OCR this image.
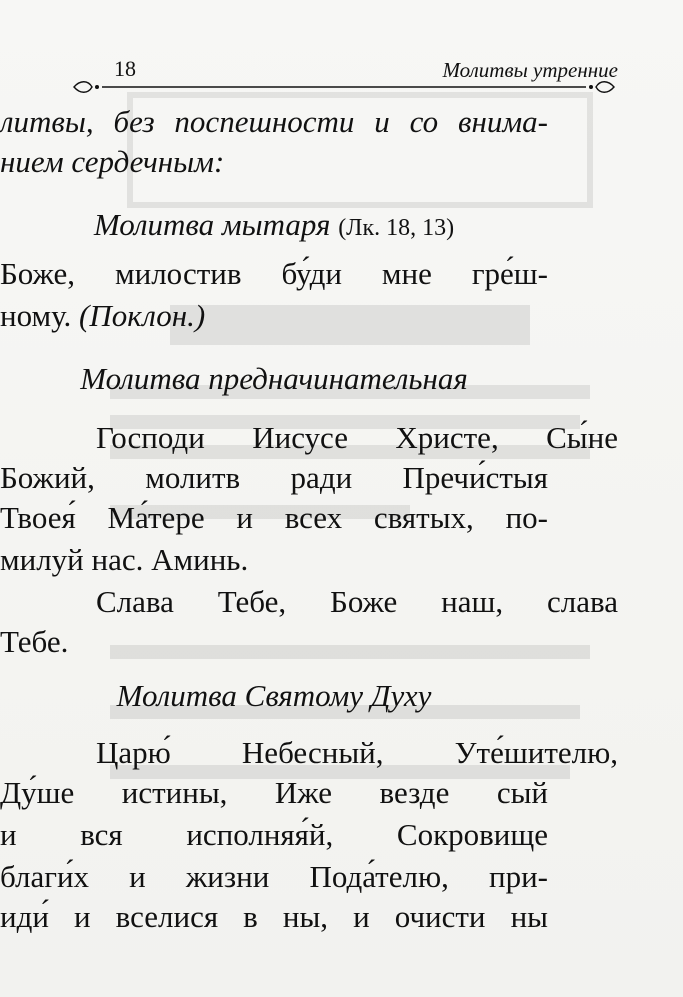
18	Молитвы утренние
литвы, без поспешности и со внима-
нием сердечным:
Молитва мытаря (Лк. 18, 13)
Боже, милостив бу́ди мне гре́ш-
ному. (Поклон.)
Молитва предначинательная
Господи Иисусе Христе, Сы́не
Божий, молитв ради Пречи́стыя
Твоея́ Ма́тере и всех святых, по-
милуй нас. Аминь.
Слава Тебе, Боже наш, слава
Тебе.
Молитва Святому Духу
Царю́ Небесный, Уте́шителю,
Ду́ше истины, Иже везде сый
и вся исполняя́й, Сокровище
благи́х и жизни Пода́телю, при-
иди́ и вселися в ны, и очисти ны
